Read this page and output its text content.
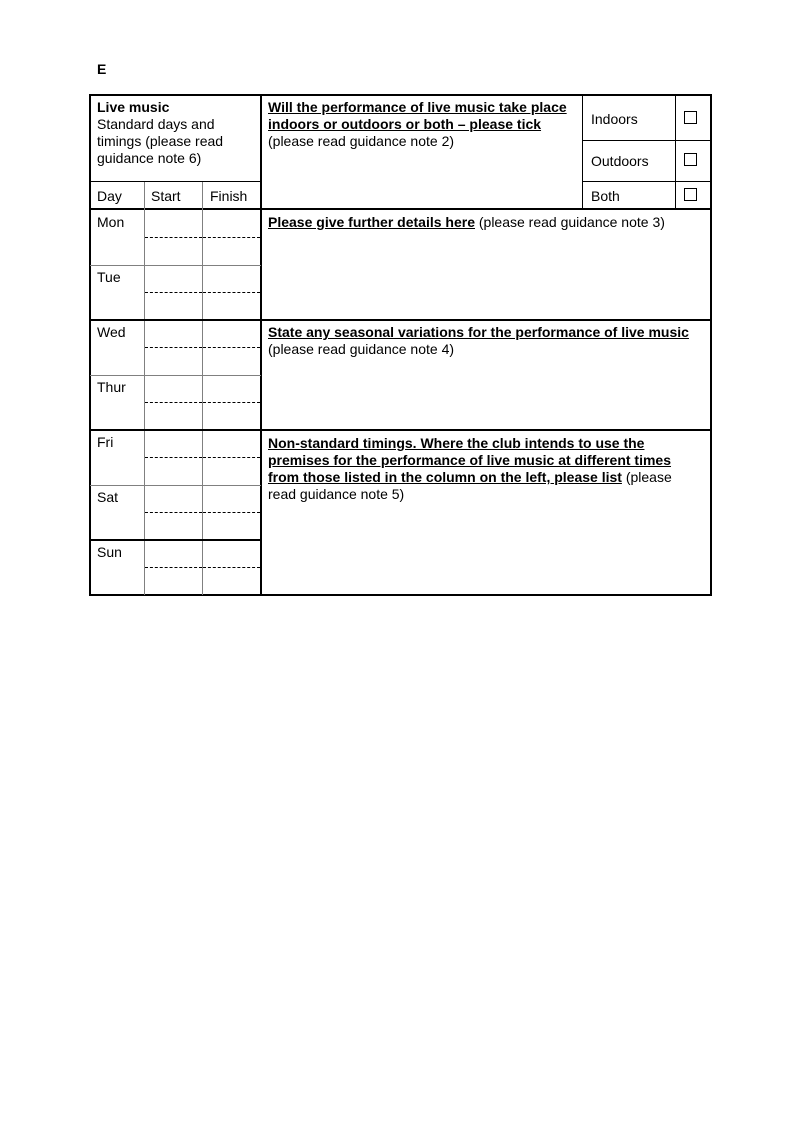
E
Live music
Standard days and timings (please read guidance note 6)
Day Start Finish
Mon
Tue
Wed
Thur
Fri
Sat
Sun
Will the performance of live music take place indoors or outdoors or both – please tick (please read guidance note 2)
Indoors
Outdoors
Both
Please give further details here (please read guidance note 3)
State any seasonal variations for the performance of live music (please read guidance note 4)
Non-standard timings. Where the club intends to use the premises for the performance of live music at different times from those listed in the column on the left, please list (please read guidance note 5)
